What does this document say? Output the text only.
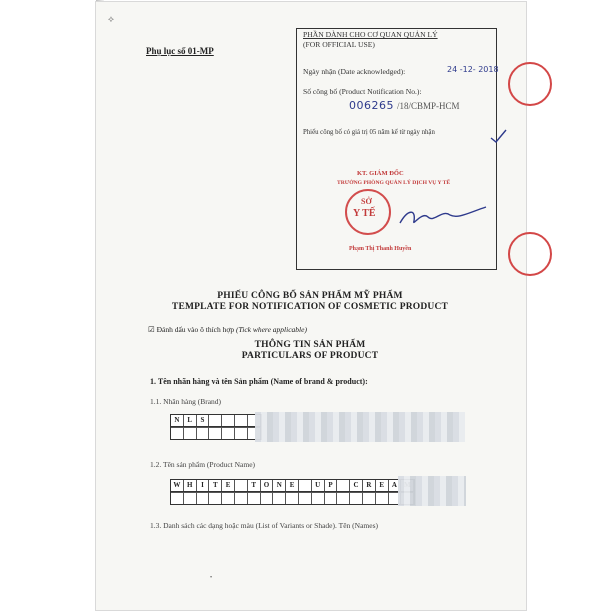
⟡
Phụ lục số 01-MP
PHẦN DÀNH CHO CƠ QUAN QUẢN LÝ
(FOR OFFICIAL USE)
Ngày nhận (Date acknowledged):	24 -12- 2018
Số công bố (Product Notification No.):
006265 /18/CBMP-HCM
Phiếu công bố có giá trị 05 năm kể từ ngày nhận
KT. GIÁM ĐỐC
TRƯỞNG PHÒNG QUẢN LÝ DỊCH VỤ Y TẾ
SỞ
Y TẾ
Phạm Thị Thanh Huyền
PHIẾU CÔNG BỐ SẢN PHẨM MỸ PHẨM
TEMPLATE FOR NOTIFICATION OF COSMETIC PRODUCT
☑ Đánh dấu vào ô thích hợp (Tick where applicable)
THÔNG TIN SẢN PHẨM
PARTICULARS OF PRODUCT
1. Tên nhãn hàng và tên Sản phẩm (Name of brand & product):
1.1. Nhãn hàng (Brand)
N	L	S
1.2. Tên sản phẩm (Product Name)
W H	I	T	E	T	O	N	E	U	P	C	R	E	A
1.3. Danh sách các dạng hoặc màu (List of Variants or Shade). Tên (Names)
•
